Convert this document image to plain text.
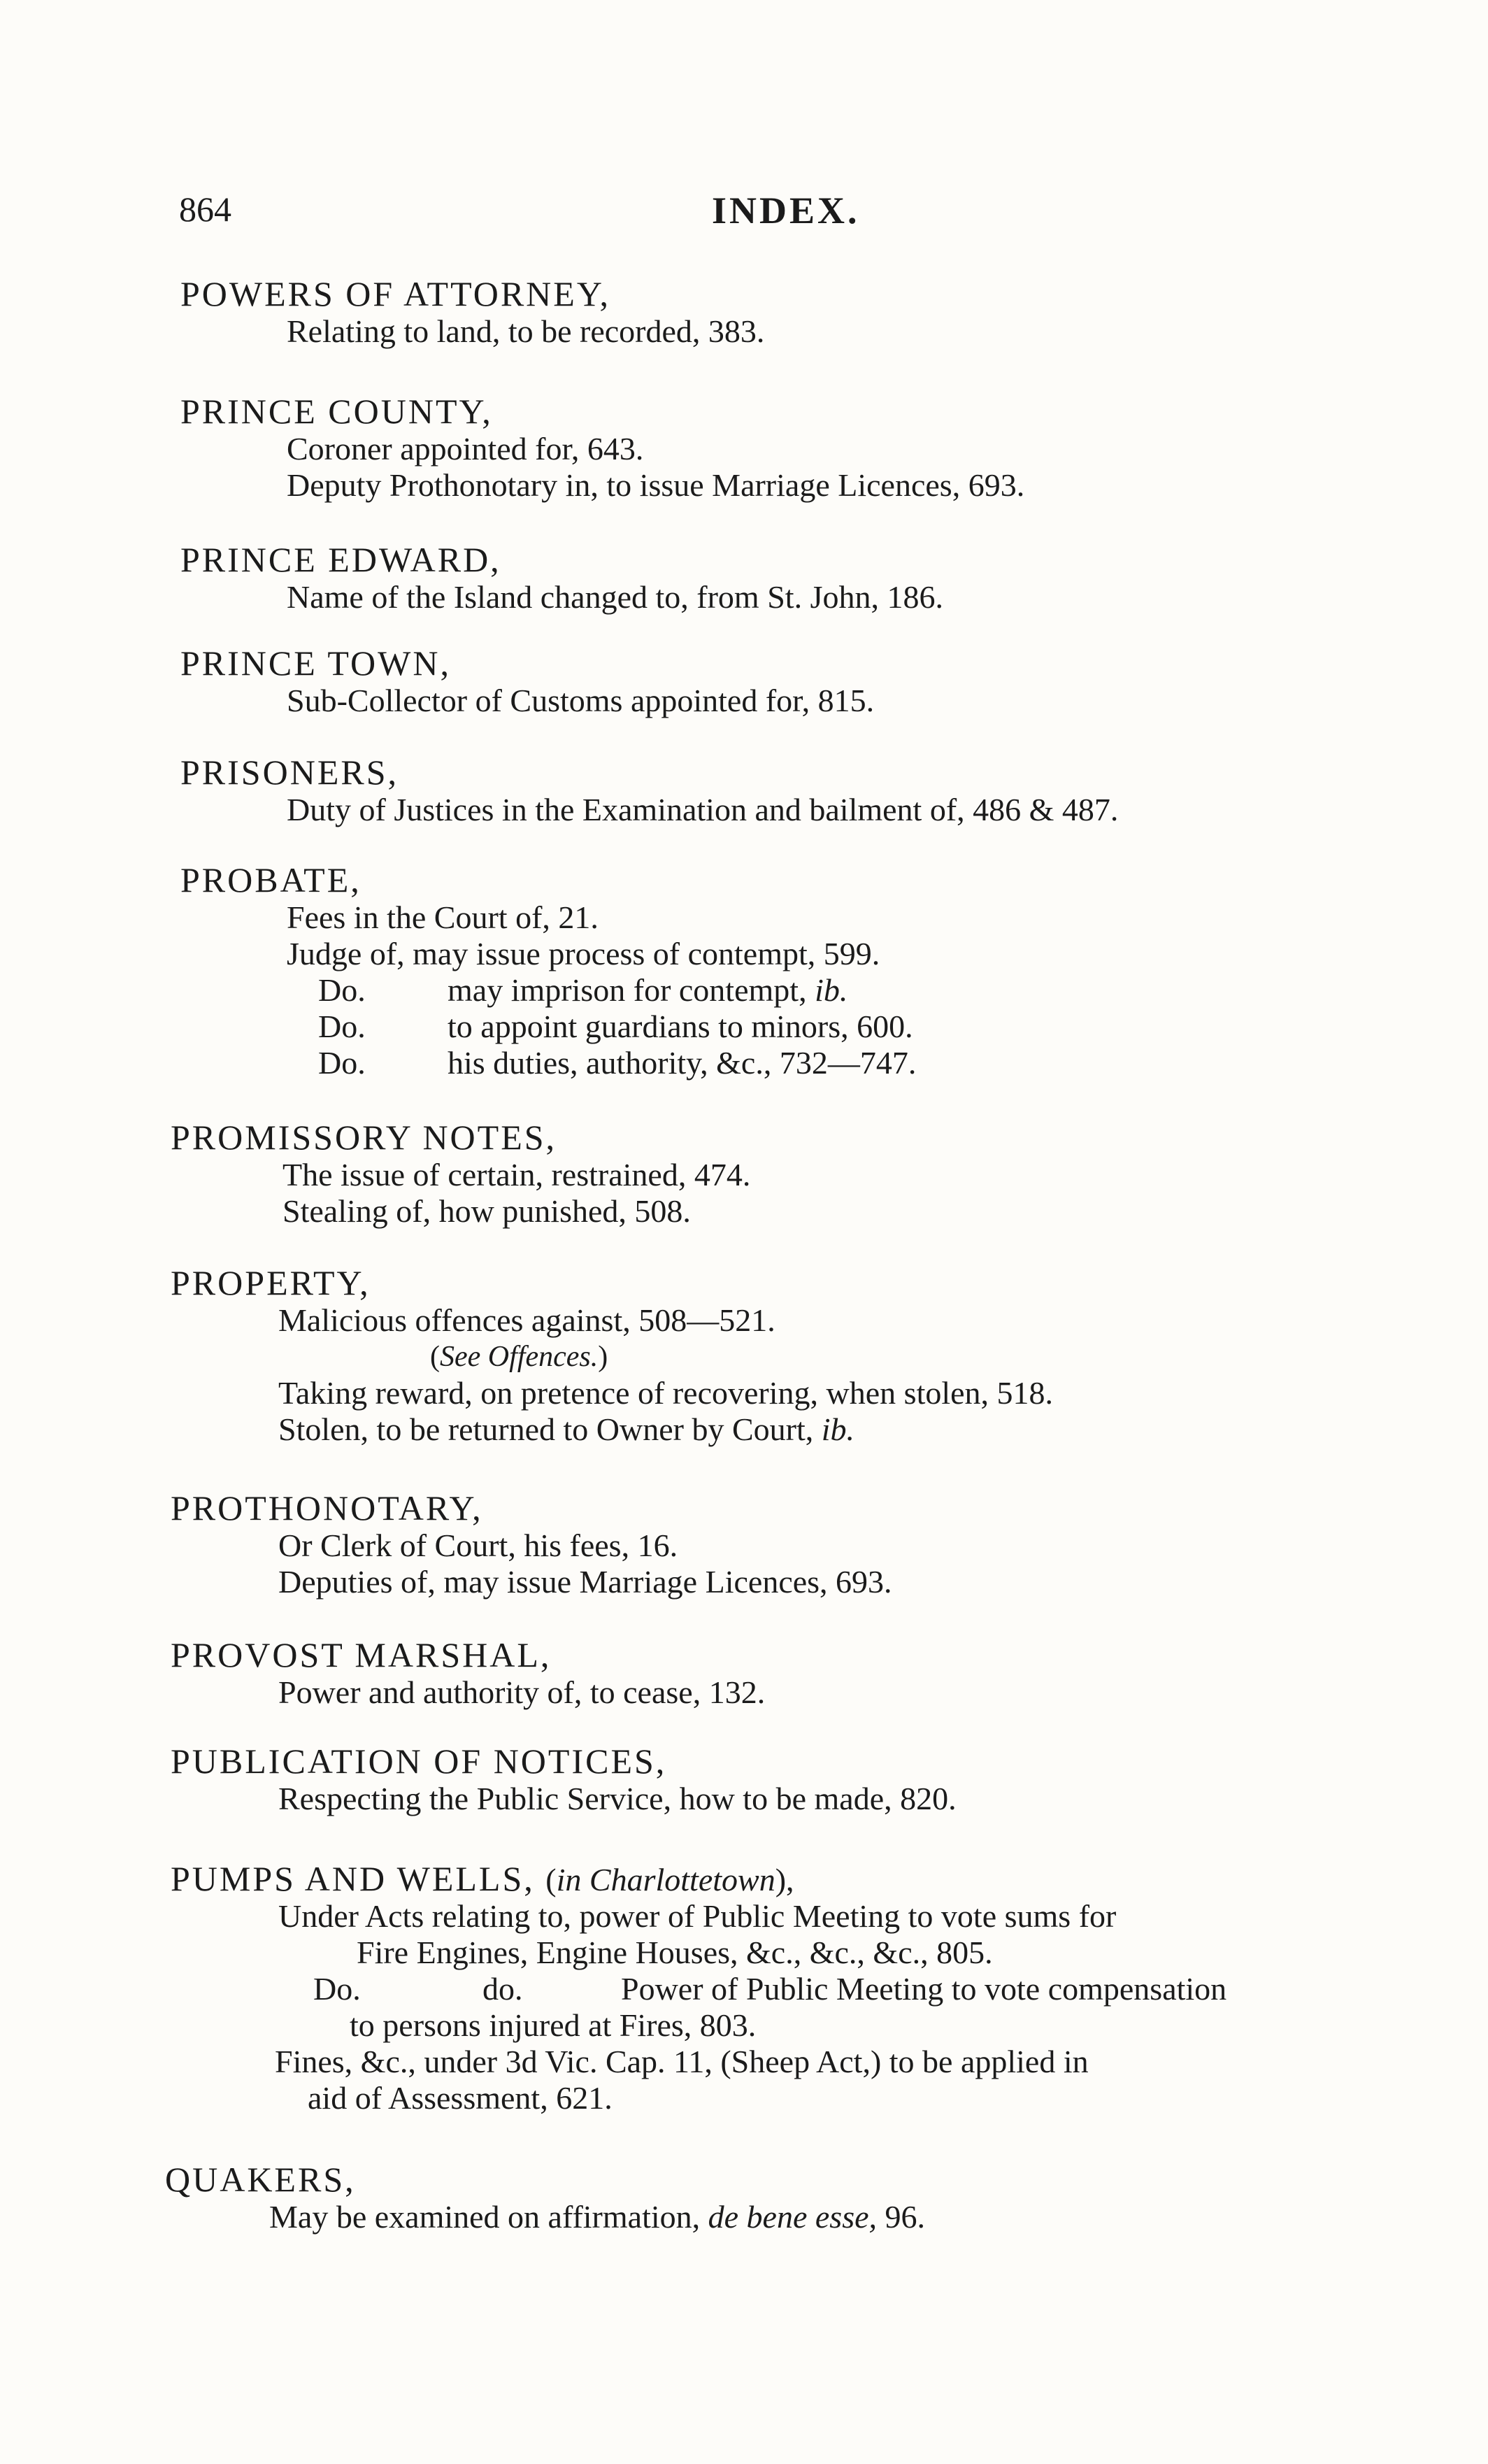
864	INDEX.
POWERS OF ATTORNEY,
Relating to land, to be recorded, 383.
PRINCE COUNTY,
Coroner appointed for, 643.
Deputy Prothonotary in, to issue Marriage Licences, 693.
PRINCE EDWARD,
Name of the Island changed to, from St. John, 186.
PRINCE TOWN,
Sub-Collector of Customs appointed for, 815.
PRISONERS,
Duty of Justices in the Examination and bailment of, 486 & 487.
PROBATE,
Fees in the Court of, 21.
Judge of, may issue process of contempt, 599.
Do.	may imprison for contempt, ib.
Do.	to appoint guardians to minors, 600.
Do.	his duties, authority, &c., 732—747.
PROMISSORY NOTES,
The issue of certain, restrained, 474.
Stealing of, how punished, 508.
PROPERTY,
Malicious offences against, 508—521.
(See Offences.)
Taking reward, on pretence of recovering, when stolen, 518.
Stolen, to be returned to Owner by Court, ib.
PROTHONOTARY,
Or Clerk of Court, his fees, 16.
Deputies of, may issue Marriage Licences, 693.
PROVOST MARSHAL,
Power and authority of, to cease, 132.
PUBLICATION OF NOTICES,
Respecting the Public Service, how to be made, 820.
PUMPS AND WELLS, (in Charlottetown),
Under Acts relating to, power of Public Meeting to vote sums for
Fire Engines, Engine Houses, &c., &c., &c., 805.
Do.	do.	Power of Public Meeting to vote compensation
to persons injured at Fires, 803.
Fines, &c., under 3d Vic. Cap. 11, (Sheep Act,) to be applied in
aid of Assessment, 621.
QUAKERS,
May be examined on affirmation, de bene esse, 96.
